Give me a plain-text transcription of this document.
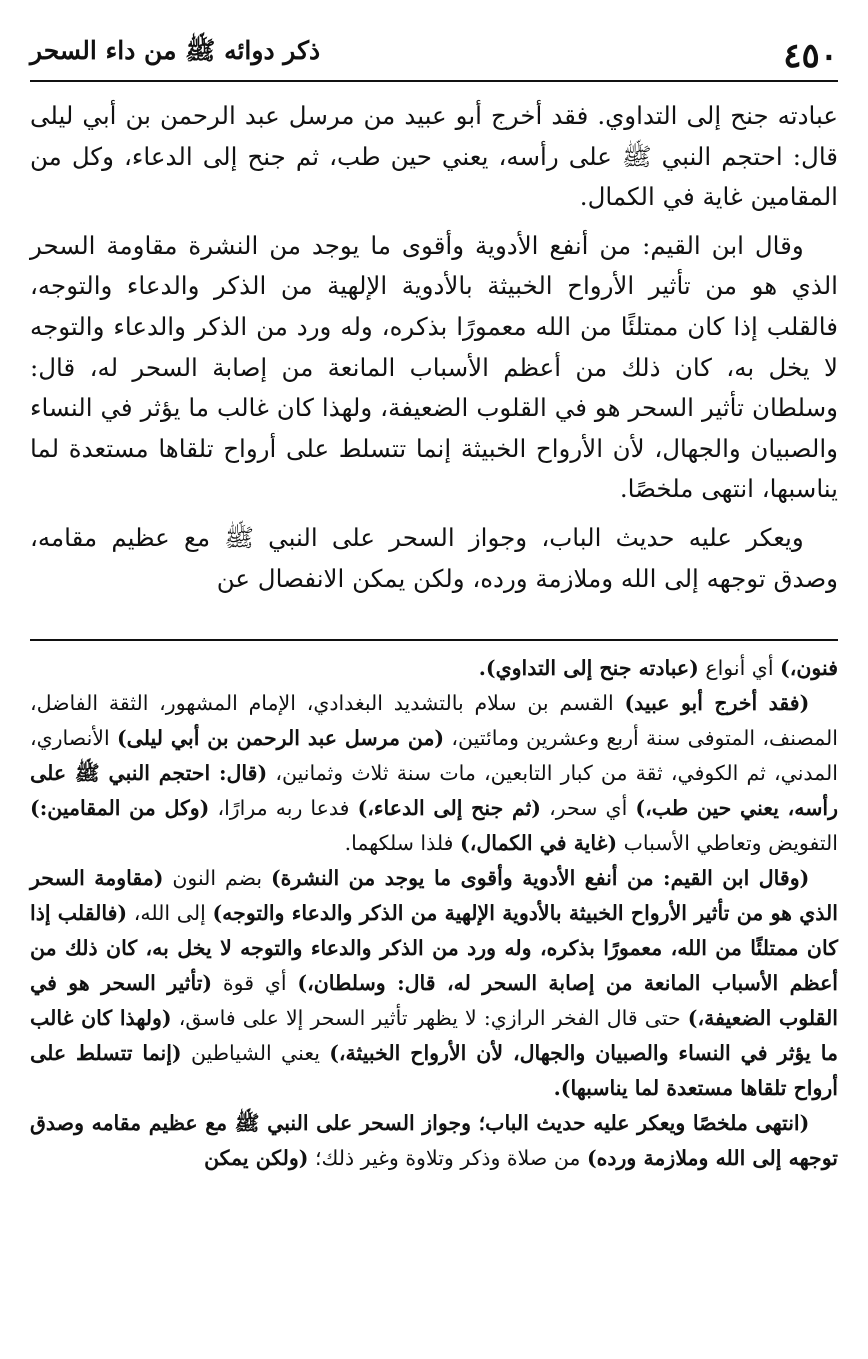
٤٥٠
ذكر دوائه ﷺ من داء السحر

عبادته جنح إلى التداوي. فقد أخرج أبو عبيد من مرسل عبد الرحمن بن أبي ليلى قال: احتجم النبي ﷺ على رأسه، يعني حين طب، ثم جنح إلى الدعاء، وكل من المقامين غاية في الكمال.

وقال ابن القيم: من أنفع الأدوية وأقوى ما يوجد من النشرة مقاومة السحر الذي هو من تأثير الأرواح الخبيثة بالأدوية الإلهية من الذكر والدعاء والتوجه، فالقلب إذا كان ممتلئًا من الله معمورًا بذكره، وله ورد من الذكر والدعاء والتوجه لا يخل به، كان ذلك من أعظم الأسباب المانعة من إصابة السحر له، قال: وسلطان تأثير السحر هو في القلوب الضعيفة، ولهذا كان غالب ما يؤثر في النساء والصبيان والجهال، لأن الأرواح الخبيثة إنما تتسلط على أرواح تلقاها مستعدة لما يناسبها، انتهى ملخصًا.

ويعكر عليه حديث الباب، وجواز السحر على النبي ﷺ مع عظيم مقامه، وصدق توجهه إلى الله وملازمة ورده، ولكن يمكن الانفصال عن

فنون،) أي أنواع (عبادته جنح إلى التداوي).

(فقد أخرج أبو عبيد) القسم بن سلام بالتشديد البغدادي، الإمام المشهور، الثقة الفاضل، المصنف، المتوفى سنة أربع وعشرين ومائتين، (من مرسل عبد الرحمن بن أبي ليلى) الأنصاري، المدني، ثم الكوفي، ثقة من كبار التابعين، مات سنة ثلاث وثمانين، (قال: احتجم النبي ﷺ على رأسه، يعني حين طب،) أي سحر، (ثم جنح إلى الدعاء،) فدعا ربه مرارًا، (وكل من المقامين:) التفويض وتعاطي الأسباب (غاية في الكمال،) فلذا سلكهما.

(وقال ابن القيم: من أنفع الأدوية وأقوى ما يوجد من النشرة) بضم النون (مقاومة السحر الذي هو من تأثير الأرواح الخبيثة بالأدوية الإلهية من الذكر والدعاء والتوجه) إلى الله، (فالقلب إذا كان ممتلئًا من الله، معمورًا بذكره، وله ورد من الذكر والدعاء والتوجه لا يخل به، كان ذلك من أعظم الأسباب المانعة من إصابة السحر له، قال: وسلطان،) أي قوة (تأثير السحر هو في القلوب الضعيفة،) حتى قال الفخر الرازي: لا يظهر تأثير السحر إلا على فاسق، (ولهذا كان غالب ما يؤثر في النساء والصبيان والجهال، لأن الأرواح الخبيثة،) يعني الشياطين (إنما تتسلط على أرواح تلقاها مستعدة لما يناسبها).

(انتهى ملخصًا ويعكر عليه حديث الباب؛ وجواز السحر على النبي ﷺ مع عظيم مقامه وصدق توجهه إلى الله وملازمة ورده) من صلاة وذكر وتلاوة وغير ذلك؛ (ولكن يمكن
